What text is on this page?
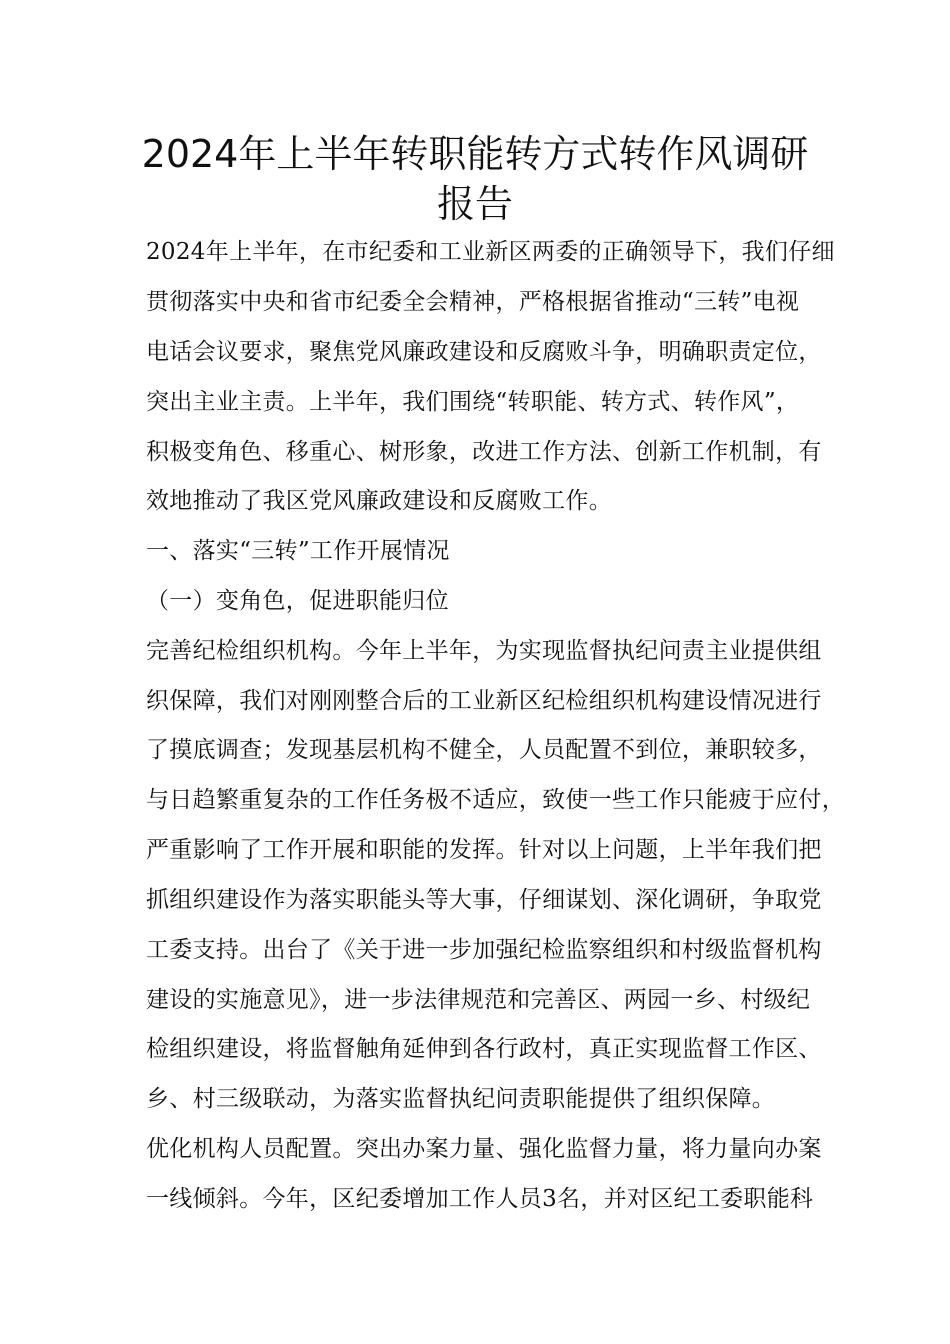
2024年上半年转职能转方式转作风调研
报告
2024年上半年，在市纪委和工业新区两委的正确领导下，我们仔细
贯彻落实中央和省市纪委全会精神，严格根据省推动“三转”电视
电话会议要求，聚焦党风廉政建设和反腐败斗争，明确职责定位，
突出主业主责。上半年，我们围绕“转职能、转方式、转作风”，
积极变角色、移重心、树形象，改进工作方法、创新工作机制，有
效地推动了我区党风廉政建设和反腐败工作。
一、落实“三转”工作开展情况
（一）变角色，促进职能归位
完善纪检组织机构。今年上半年，为实现监督执纪问责主业提供组
织保障，我们对刚刚整合后的工业新区纪检组织机构建设情况进行
了摸底调查；发现基层机构不健全，人员配置不到位，兼职较多，
与日趋繁重复杂的工作任务极不适应，致使一些工作只能疲于应付，
严重影响了工作开展和职能的发挥。针对以上问题，上半年我们把
抓组织建设作为落实职能头等大事，仔细谋划、深化调研，争取党
工委支持。出台了《关于进一步加强纪检监察组织和村级监督机构
建设的实施意见》，进一步法律规范和完善区、两园一乡、村级纪
检组织建设，将监督触角延伸到各行政村，真正实现监督工作区、
乡、村三级联动，为落实监督执纪问责职能提供了组织保障。
优化机构人员配置。突出办案力量、强化监督力量，将力量向办案
一线倾斜。今年，区纪委增加工作人员3名，并对区纪工委职能科
